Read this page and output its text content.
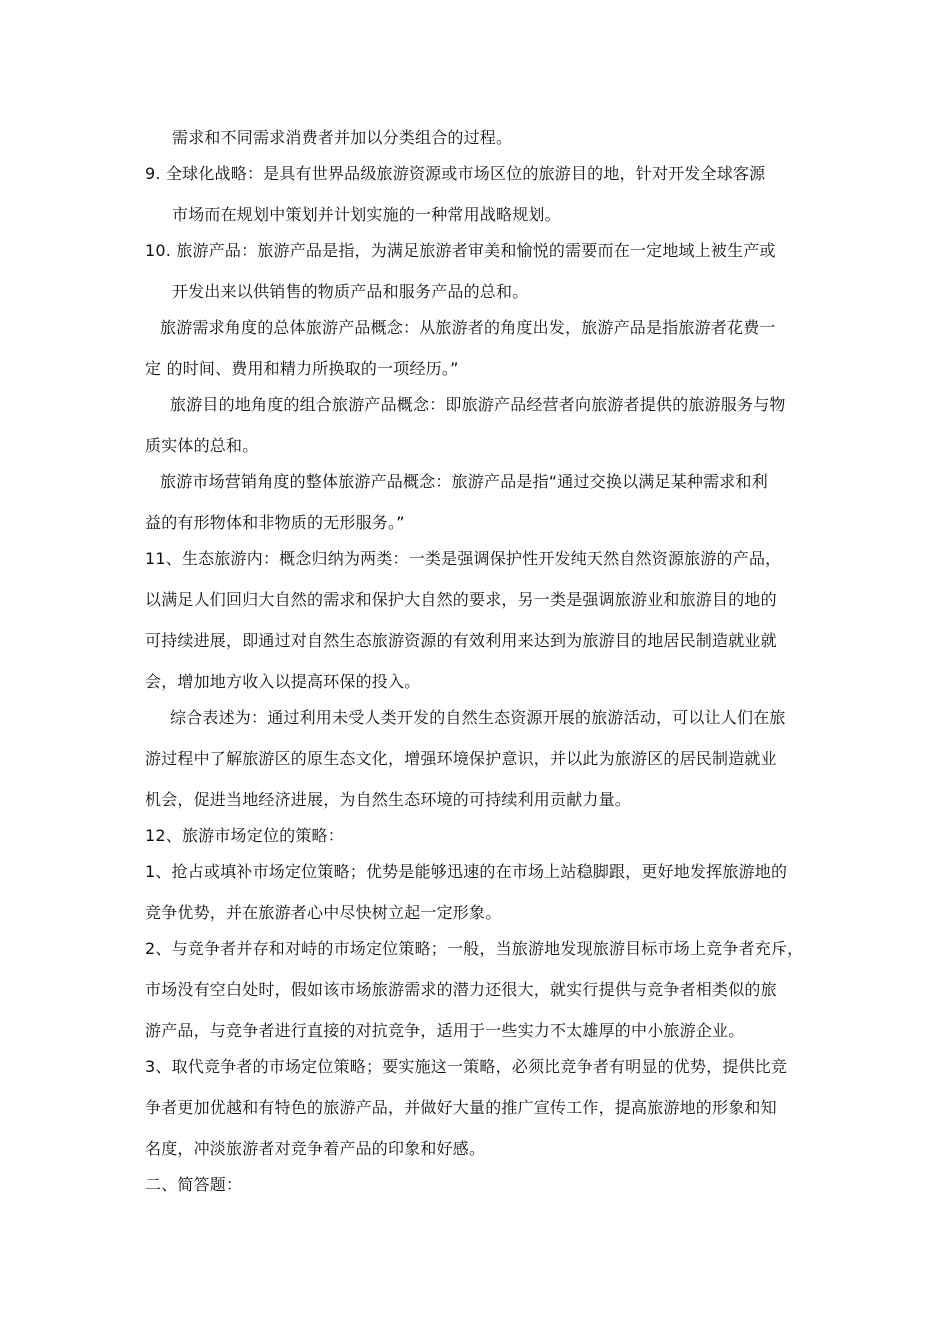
需求和不同需求消费者并加以分类组合的过程。
9. 全球化战略：是具有世界品级旅游资源或市场区位的旅游目的地，针对开发全球客源
市场而在规划中策划并计划实施的一种常用战略规划。
10. 旅游产品：旅游产品是指，为满足旅游者审美和愉悦的需要而在一定地域上被生产或
开发出来以供销售的物质产品和服务产品的总和。
旅游需求角度的总体旅游产品概念：从旅游者的角度出发，旅游产品是指旅游者花费一
定 的时间、费用和精力所换取的一项经历。”
旅游目的地角度的组合旅游产品概念：即旅游产品经营者向旅游者提供的旅游服务与物
质实体的总和。
旅游市场营销角度的整体旅游产品概念：旅游产品是指“通过交换以满足某种需求和利
益的有形物体和非物质的无形服务。”
11、生态旅游内：概念归纳为两类：一类是强调保护性开发纯天然自然资源旅游的产品，
以满足人们回归大自然的需求和保护大自然的要求，另一类是强调旅游业和旅游目的地的
可持续进展，即通过对自然生态旅游资源的有效利用来达到为旅游目的地居民制造就业就
会，增加地方收入以提高环保的投入。
综合表述为：通过利用未受人类开发的自然生态资源开展的旅游活动，可以让人们在旅
游过程中了解旅游区的原生态文化，增强环境保护意识，并以此为旅游区的居民制造就业
机会，促进当地经济进展，为自然生态环境的可持续利用贡献力量。
12、旅游市场定位的策略：
1、抢占或填补市场定位策略；优势是能够迅速的在市场上站稳脚跟，更好地发挥旅游地的
竞争优势，并在旅游者心中尽快树立起一定形象。
2、与竞争者并存和对峙的市场定位策略；一般，当旅游地发现旅游目标市场上竞争者充斥，
市场没有空白处时，假如该市场旅游需求的潜力还很大，就实行提供与竞争者相类似的旅
游产品，与竞争者进行直接的对抗竞争，适用于一些实力不太雄厚的中小旅游企业。
3、取代竞争者的市场定位策略；要实施这一策略，必须比竞争者有明显的优势，提供比竞
争者更加优越和有特色的旅游产品，并做好大量的推广宣传工作，提高旅游地的形象和知
名度，冲淡旅游者对竞争着产品的印象和好感。
二、简答题：
